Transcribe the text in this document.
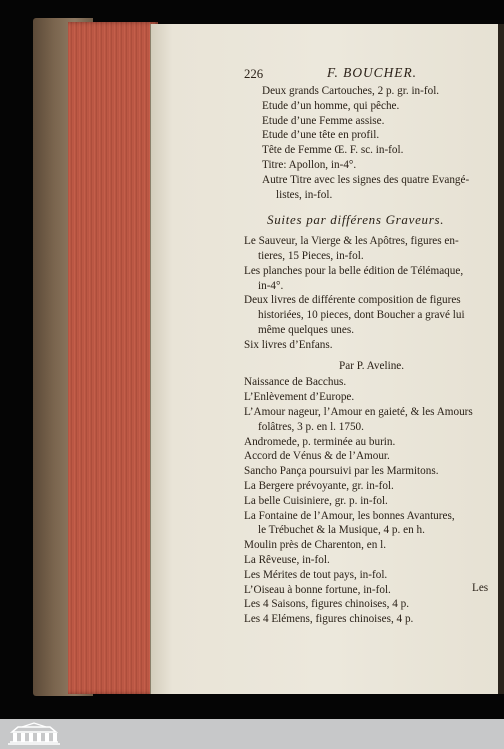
226	F. BOUCHER.

Deux grands Cartouches, 2 p. gr. in-fol.

Etude d’un homme, qui pêche.

Etude d’une Femme assise.

Etude d’une tête en profil.

Tête de Femme Œ. F. sc. in-fol.

Titre: Apollon, in-4°.

Autre Titre avec les signes des quatre Evangé-

listes, in-fol.

Suites par différens Graveurs.

Le Sauveur, la Vierge & les Apôtres, figures en-

tieres, 15 Pieces, in-fol.

Les planches pour la belle édition de Télémaque,

in-4°.

Deux livres de différente composition de figures

historiées, 10 pieces, dont Boucher a gravé lui

même quelques unes.

Six livres d’Enfans.

Par P. Aveline.

Naissance de Bacchus.

L’Enlèvement d’Europe.

L’Amour nageur, l’Amour en gaieté, & les Amours

folâtres, 3 p. en l. 1750.

Andromede, p. terminée au burin.

Accord de Vénus & de l’Amour.

Sancho Pança poursuivi par les Marmitons.

La Bergere prévoyante, gr. in-fol.

La belle Cuisiniere, gr. p. in-fol.

La Fontaine de l’Amour, les bonnes Avantures,

le Trébuchet & la Musique, 4 p. en h.

Moulin près de Charenton, en l.

La Rêveuse, in-fol.

Les Mérites de tout pays, in-fol.

L’Oiseau à bonne fortune, in-fol.

Les 4 Saisons, figures chinoises, 4 p.

Les 4 Elémens, figures chinoises, 4 p.

Les
